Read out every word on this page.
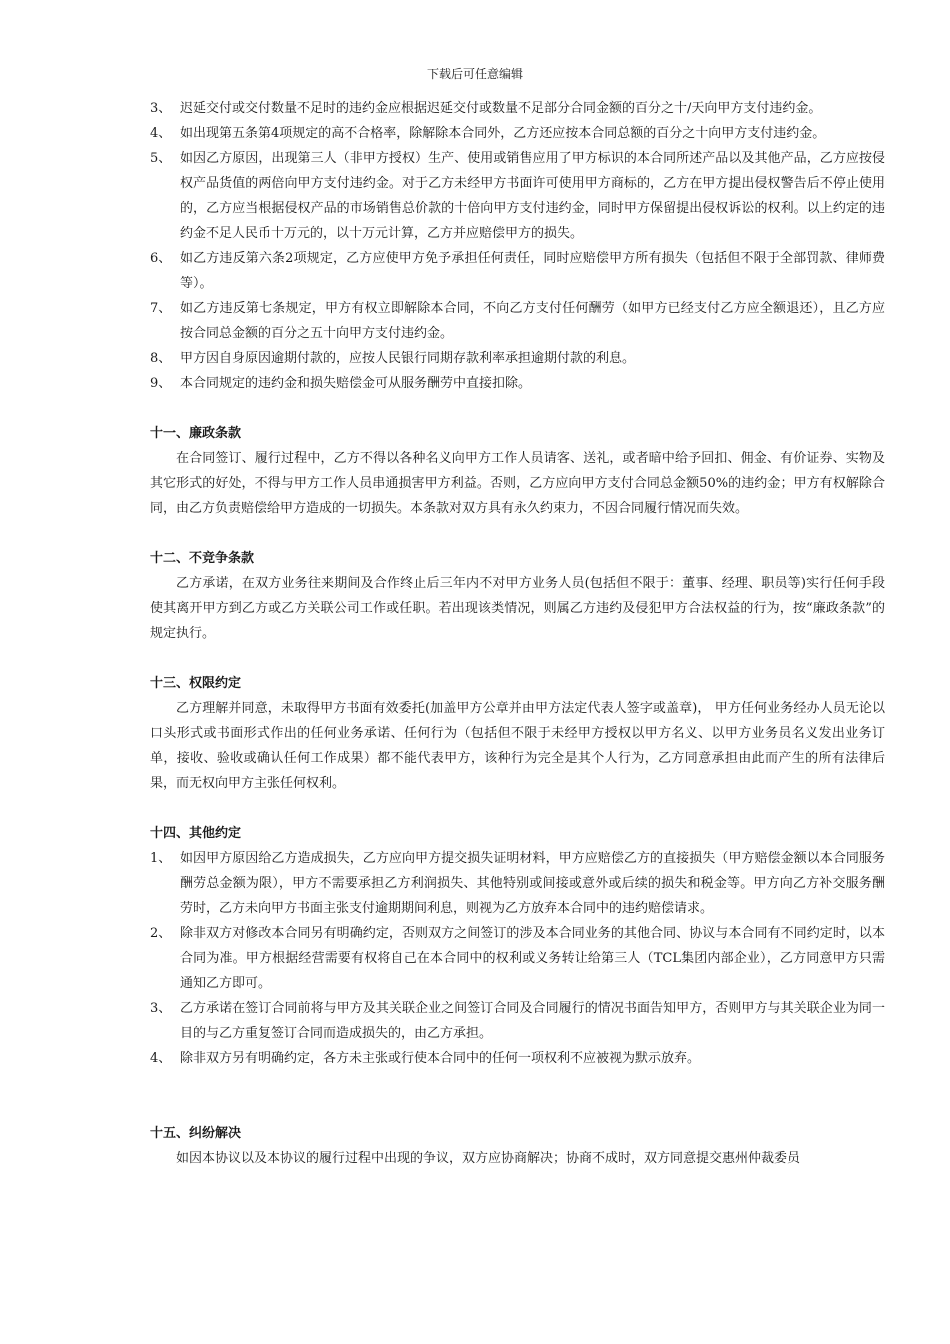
下载后可任意编辑
3、 迟延交付或交付数量不足时的违约金应根据迟延交付或数量不足部分合同金额的百分之十/天向甲方支付违约金。
4、 如出现第五条第4项规定的高不合格率，除解除本合同外，乙方还应按本合同总额的百分之十向甲方支付违约金。
5、 如因乙方原因，出现第三人（非甲方授权）生产、使用或销售应用了甲方标识的本合同所述产品以及其他产品，乙方应按侵权产品货值的两倍向甲方支付违约金。对于乙方未经甲方书面许可使用甲方商标的，乙方在甲方提出侵权警告后不停止使用的，乙方应当根据侵权产品的市场销售总价款的十倍向甲方支付违约金，同时甲方保留提出侵权诉讼的权利。以上约定的违约金不足人民币十万元的，以十万元计算，乙方并应赔偿甲方的损失。
6、 如乙方违反第六条2项规定，乙方应使甲方免予承担任何责任，同时应赔偿甲方所有损失（包括但不限于全部罚款、律师费等）。
7、 如乙方违反第七条规定，甲方有权立即解除本合同，不向乙方支付任何酬劳（如甲方已经支付乙方应全额退还），且乙方应按合同总金额的百分之五十向甲方支付违约金。
8、 甲方因自身原因逾期付款的，应按人民银行同期存款利率承担逾期付款的利息。
9、 本合同规定的违约金和损失赔偿金可从服务酬劳中直接扣除。
十一、廉政条款
在合同签订、履行过程中，乙方不得以各种名义向甲方工作人员请客、送礼，或者暗中给予回扣、佣金、有价证券、实物及其它形式的好处，不得与甲方工作人员串通损害甲方利益。否则，乙方应向甲方支付合同总金额50%的违约金；甲方有权解除合同，由乙方负责赔偿给甲方造成的一切损失。本条款对双方具有永久约束力，不因合同履行情况而失效。
十二、不竞争条款
乙方承诺，在双方业务往来期间及合作终止后三年内不对甲方业务人员(包括但不限于：董事、经理、职员等)实行任何手段使其离开甲方到乙方或乙方关联公司工作或任职。若出现该类情况，则属乙方违约及侵犯甲方合法权益的行为，按“廉政条款”的规定执行。
十三、权限约定
乙方理解并同意，未取得甲方书面有效委托(加盖甲方公章并由甲方法定代表人签字或盖章)， 甲方任何业务经办人员无论以口头形式或书面形式作出的任何业务承诺、任何行为（包括但不限于未经甲方授权以甲方名义、以甲方业务员名义发出业务订单，接收、验收或确认任何工作成果）都不能代表甲方，该种行为完全是其个人行为，乙方同意承担由此而产生的所有法律后果，而无权向甲方主张任何权利。
十四、其他约定
1、 如因甲方原因给乙方造成损失，乙方应向甲方提交损失证明材料，甲方应赔偿乙方的直接损失（甲方赔偿金额以本合同服务酬劳总金额为限），甲方不需要承担乙方利润损失、其他特别或间接或意外或后续的损失和税金等。甲方向乙方补交服务酬劳时，乙方未向甲方书面主张支付逾期期间利息，则视为乙方放弃本合同中的违约赔偿请求。
2、 除非双方对修改本合同另有明确约定，否则双方之间签订的涉及本合同业务的其他合同、协议与本合同有不同约定时，以本合同为准。甲方根据经营需要有权将自己在本合同中的权利或义务转让给第三人（TCL集团内部企业），乙方同意甲方只需通知乙方即可。
3、 乙方承诺在签订合同前将与甲方及其关联企业之间签订合同及合同履行的情况书面告知甲方，否则甲方与其关联企业为同一目的与乙方重复签订合同而造成损失的，由乙方承担。
4、 除非双方另有明确约定，各方未主张或行使本合同中的任何一项权利不应被视为默示放弃。
十五、纠纷解决
如因本协议以及本协议的履行过程中出现的争议，双方应协商解决；协商不成时，双方同意提交惠州仲裁委员
